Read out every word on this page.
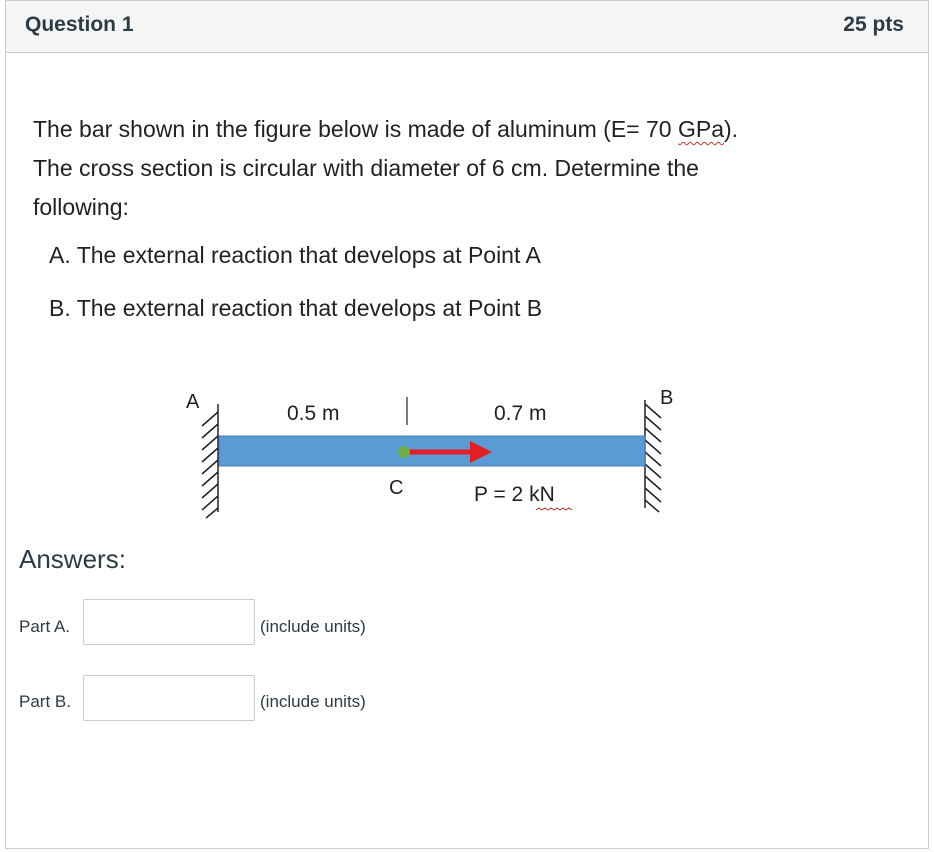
Question 1	25 pts
The bar shown in the figure below is made of aluminum (E= 70 GPa).
The cross section is circular with diameter of 6 cm. Determine the
following:
A. The external reaction that develops at Point A
B. The external reaction that develops at Point B
A	B
C
0.5 m	0.7 m
P = 2 kN
Answers:
Part A.	(include units)
Part B.	(include units)
